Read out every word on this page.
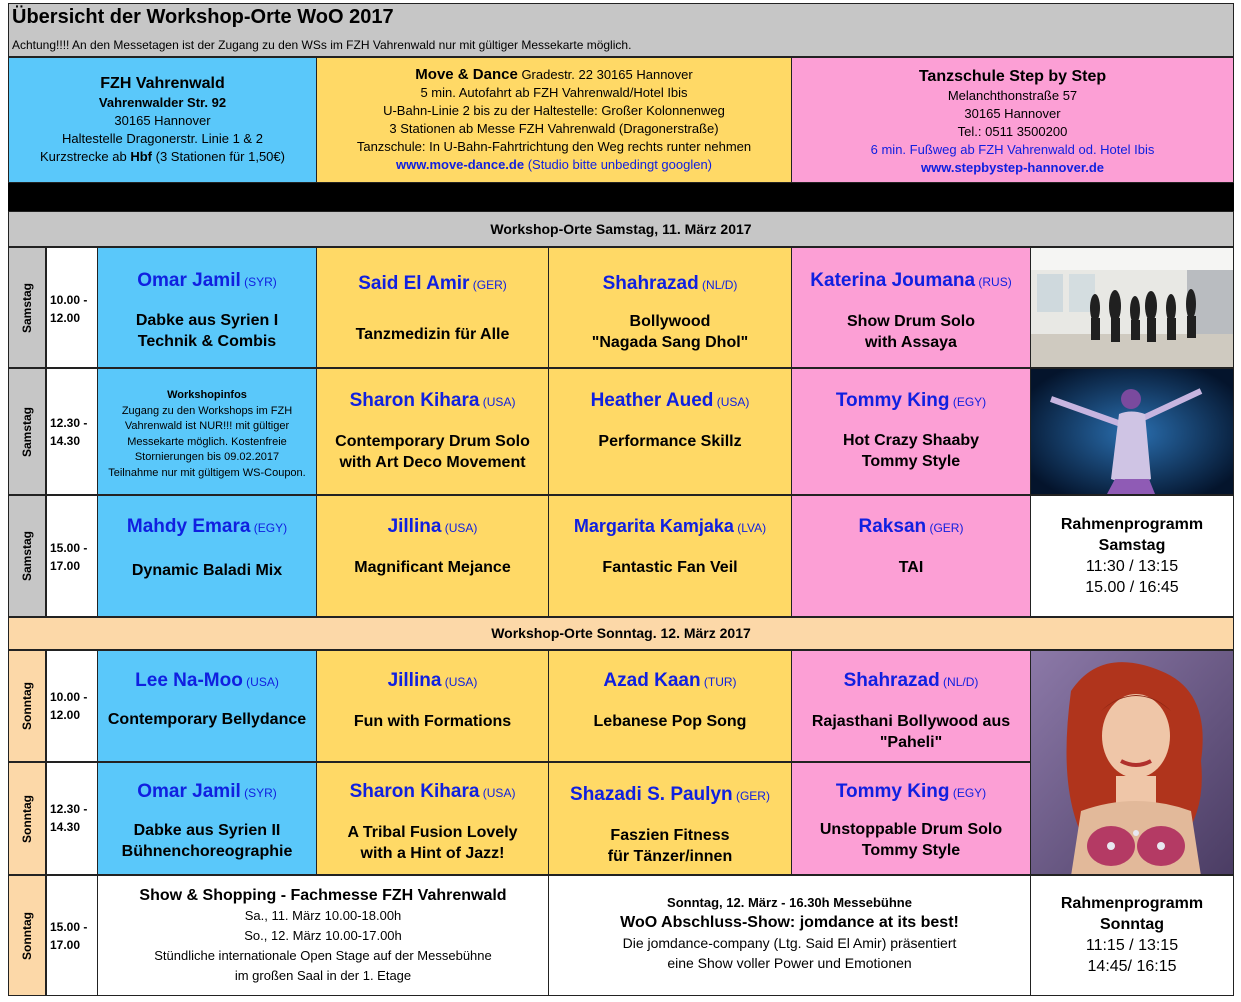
Übersicht der Workshop-Orte WoO 2017
Achtung!!!! An den Messetagen ist der Zugang zu den WSs im FZH Vahrenwald nur mit gültiger Messekarte möglich.
FZH Vahrenwald
Vahrenwalder Str. 92
30165 Hannover
Haltestelle Dragonerstr. Linie 1 & 2
Kurzstrecke ab Hbf (3 Stationen für 1,50€)
Move & Dance Gradestr. 22 30165 Hannover
5 min. Autofahrt ab FZH Vahrenwald/Hotel Ibis
U-Bahn-Linie 2 bis zu der Haltestelle: Großer Kolonnenweg
3 Stationen ab Messe FZH Vahrenwald (Dragonerstraße)
Tanzschule: In U-Bahn-Fahrtrichtung den Weg rechts runter nehmen
www.move-dance.de (Studio bitte unbedingt googlen)
Tanzschule Step by Step
Melanchthonstraße 57
30165 Hannover
Tel.: 0511 3500200
6 min. Fußweg ab FZH Vahrenwald od. Hotel Ibis
www.stepbystep-hannover.de
Workshop-Orte Samstag, 11. März 2017
Samstag 10.00 -
12.00
Omar Jamil (SYR)
Dabke aus Syrien I
Technik & Combis
Said El Amir (GER)
Tanzmedizin für Alle
Shahrazad (NL/D)
Bollywood
"Nagada Sang Dhol"
Katerina Joumana (RUS)
Show Drum Solo
with Assaya
Samstag 12.30 -
14.30
Workshopinfos
Zugang zu den Workshops im FZH
Vahrenwald ist NUR!!! mit gültiger
Messekarte möglich. Kostenfreie
Stornierungen bis 09.02.2017
Teilnahme nur mit gültigem WS-Coupon.
Sharon Kihara (USA)
Contemporary Drum Solo
with Art Deco Movement
Heather Aued (USA)
Performance Skillz
Tommy King (EGY)
Hot Crazy Shaaby
Tommy Style
Samstag 15.00 -
17.00
Mahdy Emara (EGY)
Dynamic Baladi Mix
Jillina (USA)
Magnificant Mejance
Margarita Kamjaka (LVA)
Fantastic Fan Veil
Raksan (GER)
TAI
Rahmenprogramm
Samstag
11:30 / 13:15
15.00 / 16:45
Workshop-Orte Sonntag. 12. März 2017
Sonntag 10.00 -
12.00
Lee Na-Moo (USA)
Contemporary Bellydance
Jillina (USA)
Fun with Formations
Azad Kaan (TUR)
Lebanese Pop Song
Shahrazad (NL/D)
Rajasthani Bollywood aus
"Paheli"
Sonntag 12.30 -
14.30
Omar Jamil (SYR)
Dabke aus Syrien II
Bühnenchoreographie
Sharon Kihara (USA)
A Tribal Fusion Lovely
with a Hint of Jazz!
Shazadi S. Paulyn (GER)
Faszien Fitness
für Tänzer/innen
Tommy King (EGY)
Unstoppable Drum Solo
Tommy Style
Sonntag 15.00 -
17.00
Show & Shopping - Fachmesse FZH Vahrenwald
Sa., 11. März 10.00-18.00h
So., 12. März 10.00-17.00h
Stündliche internationale Open Stage auf der Messebühne
im großen Saal in der 1. Etage
Sonntag, 12. März - 16.30h Messebühne
WoO Abschluss-Show: jomdance at its best!
Die jomdance-company (Ltg. Said El Amir) präsentiert
eine Show voller Power und Emotionen
Rahmenprogramm
Sonntag
11:15 / 13:15
14:45/ 16:15
